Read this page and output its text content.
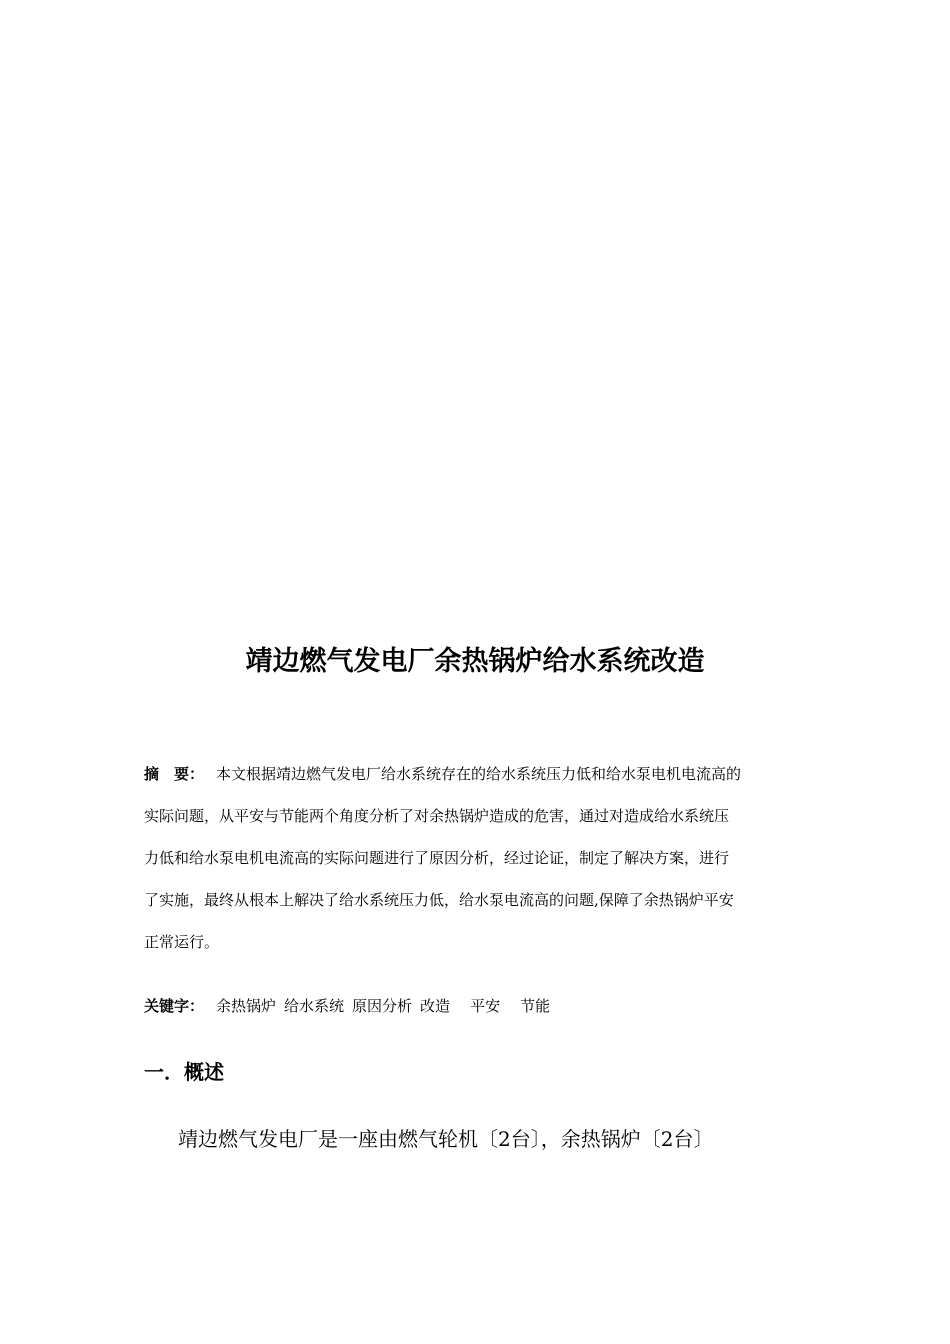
靖边燃气发电厂余热锅炉给水系统改造
摘　要： 本文根据靖边燃气发电厂给水系统存在的给水系统压力低和给水泵电机电流高的
实际问题，从平安与节能两个角度分析了对余热锅炉造成的危害，通过对造成给水系统压
力低和给水泵电机电流高的实际问题进行了原因分析，经过论证，制定了解决方案，进行
了实施，最终从根本上解决了给水系统压力低，给水泵电流高的问题,保障了余热锅炉平安
正常运行。
关键字： 余热锅炉 给水系统 原因分析 改造 平安 节能
一．概述

靖边燃气发电厂是一座由燃气轮机〔2台〕，余热锅炉〔2台〕
